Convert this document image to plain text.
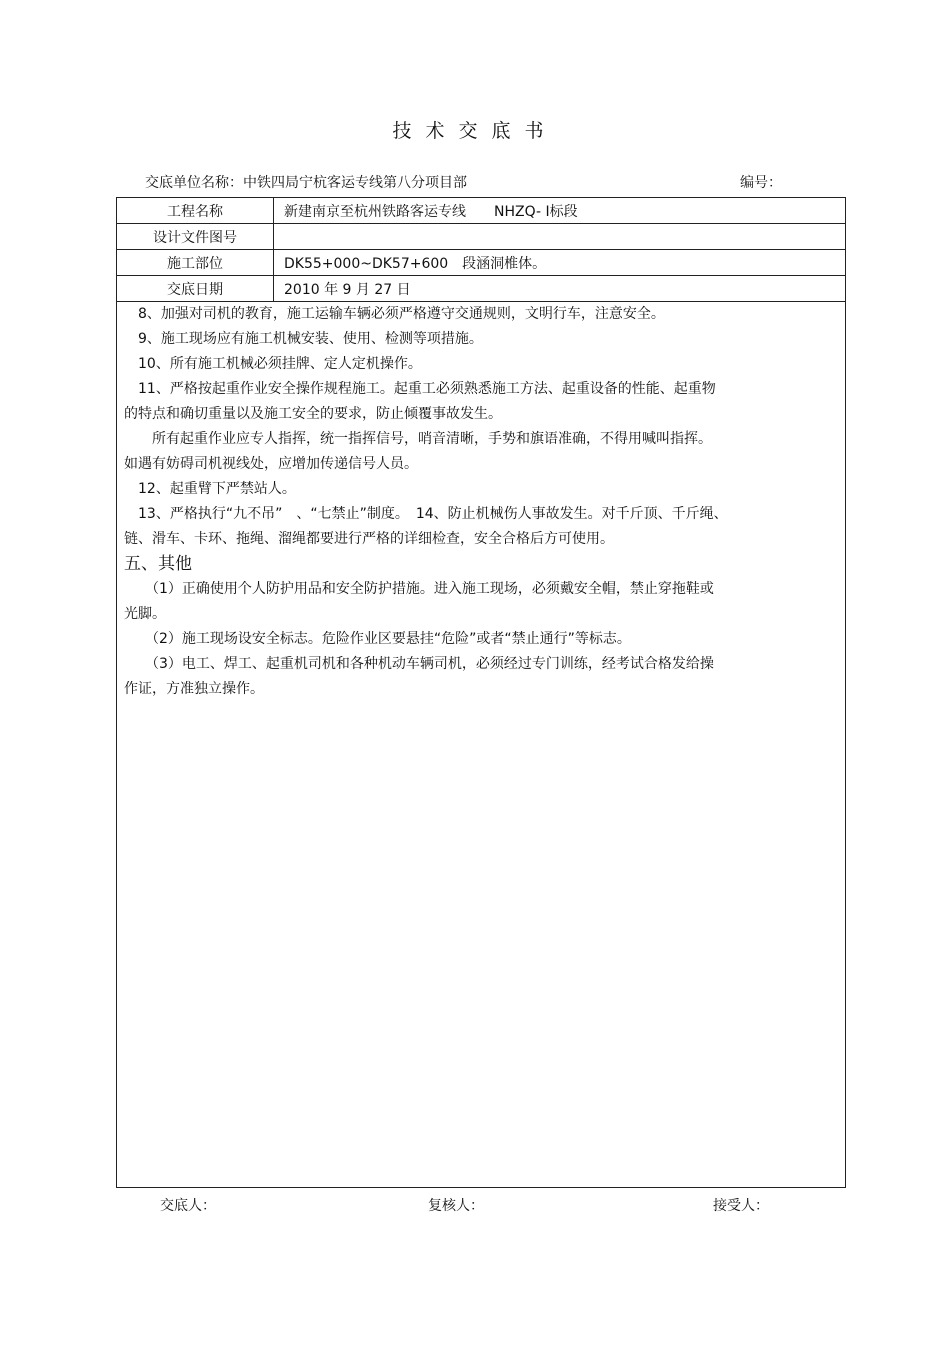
技术交底书
交底单位名称：中铁四局宁杭客运专线第八分项目部	编号：
工程名称	新建南京至杭州铁路客运专线　　NHZQ- Ⅰ标段
设计文件图号	
施工部位	DK55+000~DK57+600　段涵洞椎体。
交底日期	2010 年 9 月 27 日
　8、加强对司机的教育，施工运输车辆必须严格遵守交通规则，文明行车，注意安全。
　9、施工现场应有施工机械安装、使用、检测等项措施。
　10、所有施工机械必须挂牌、定人定机操作。
　11、严格按起重作业安全操作规程施工。起重工必须熟悉施工方法、起重设备的性能、起重物
的特点和确切重量以及施工安全的要求，防止倾覆事故发生。
　　所有起重作业应专人指挥，统一指挥信号，哨音清晰，手势和旗语准确，不得用喊叫指挥。
如遇有妨碍司机视线处，应增加传递信号人员。
　12、起重臂下严禁站人。
　13、严格执行“九不吊”　、“七禁止”制度。　14、防止机械伤人事故发生。对千斤顶、千斤绳、
链、滑车、卡环、拖绳、溜绳都要进行严格的详细检查，安全合格后方可使用。
五、其他
　　（1）正确使用个人防护用品和安全防护措施。进入施工现场，必须戴安全帽，禁止穿拖鞋或
光脚。
　　（2）施工现场设安全标志。危险作业区要悬挂“危险”或者“禁止通行”等标志。
　　（3）电工、焊工、起重机司机和各种机动车辆司机，必须经过专门训练，经考试合格发给操
作证，方准独立操作。
交底人：	复核人：	接受人：
